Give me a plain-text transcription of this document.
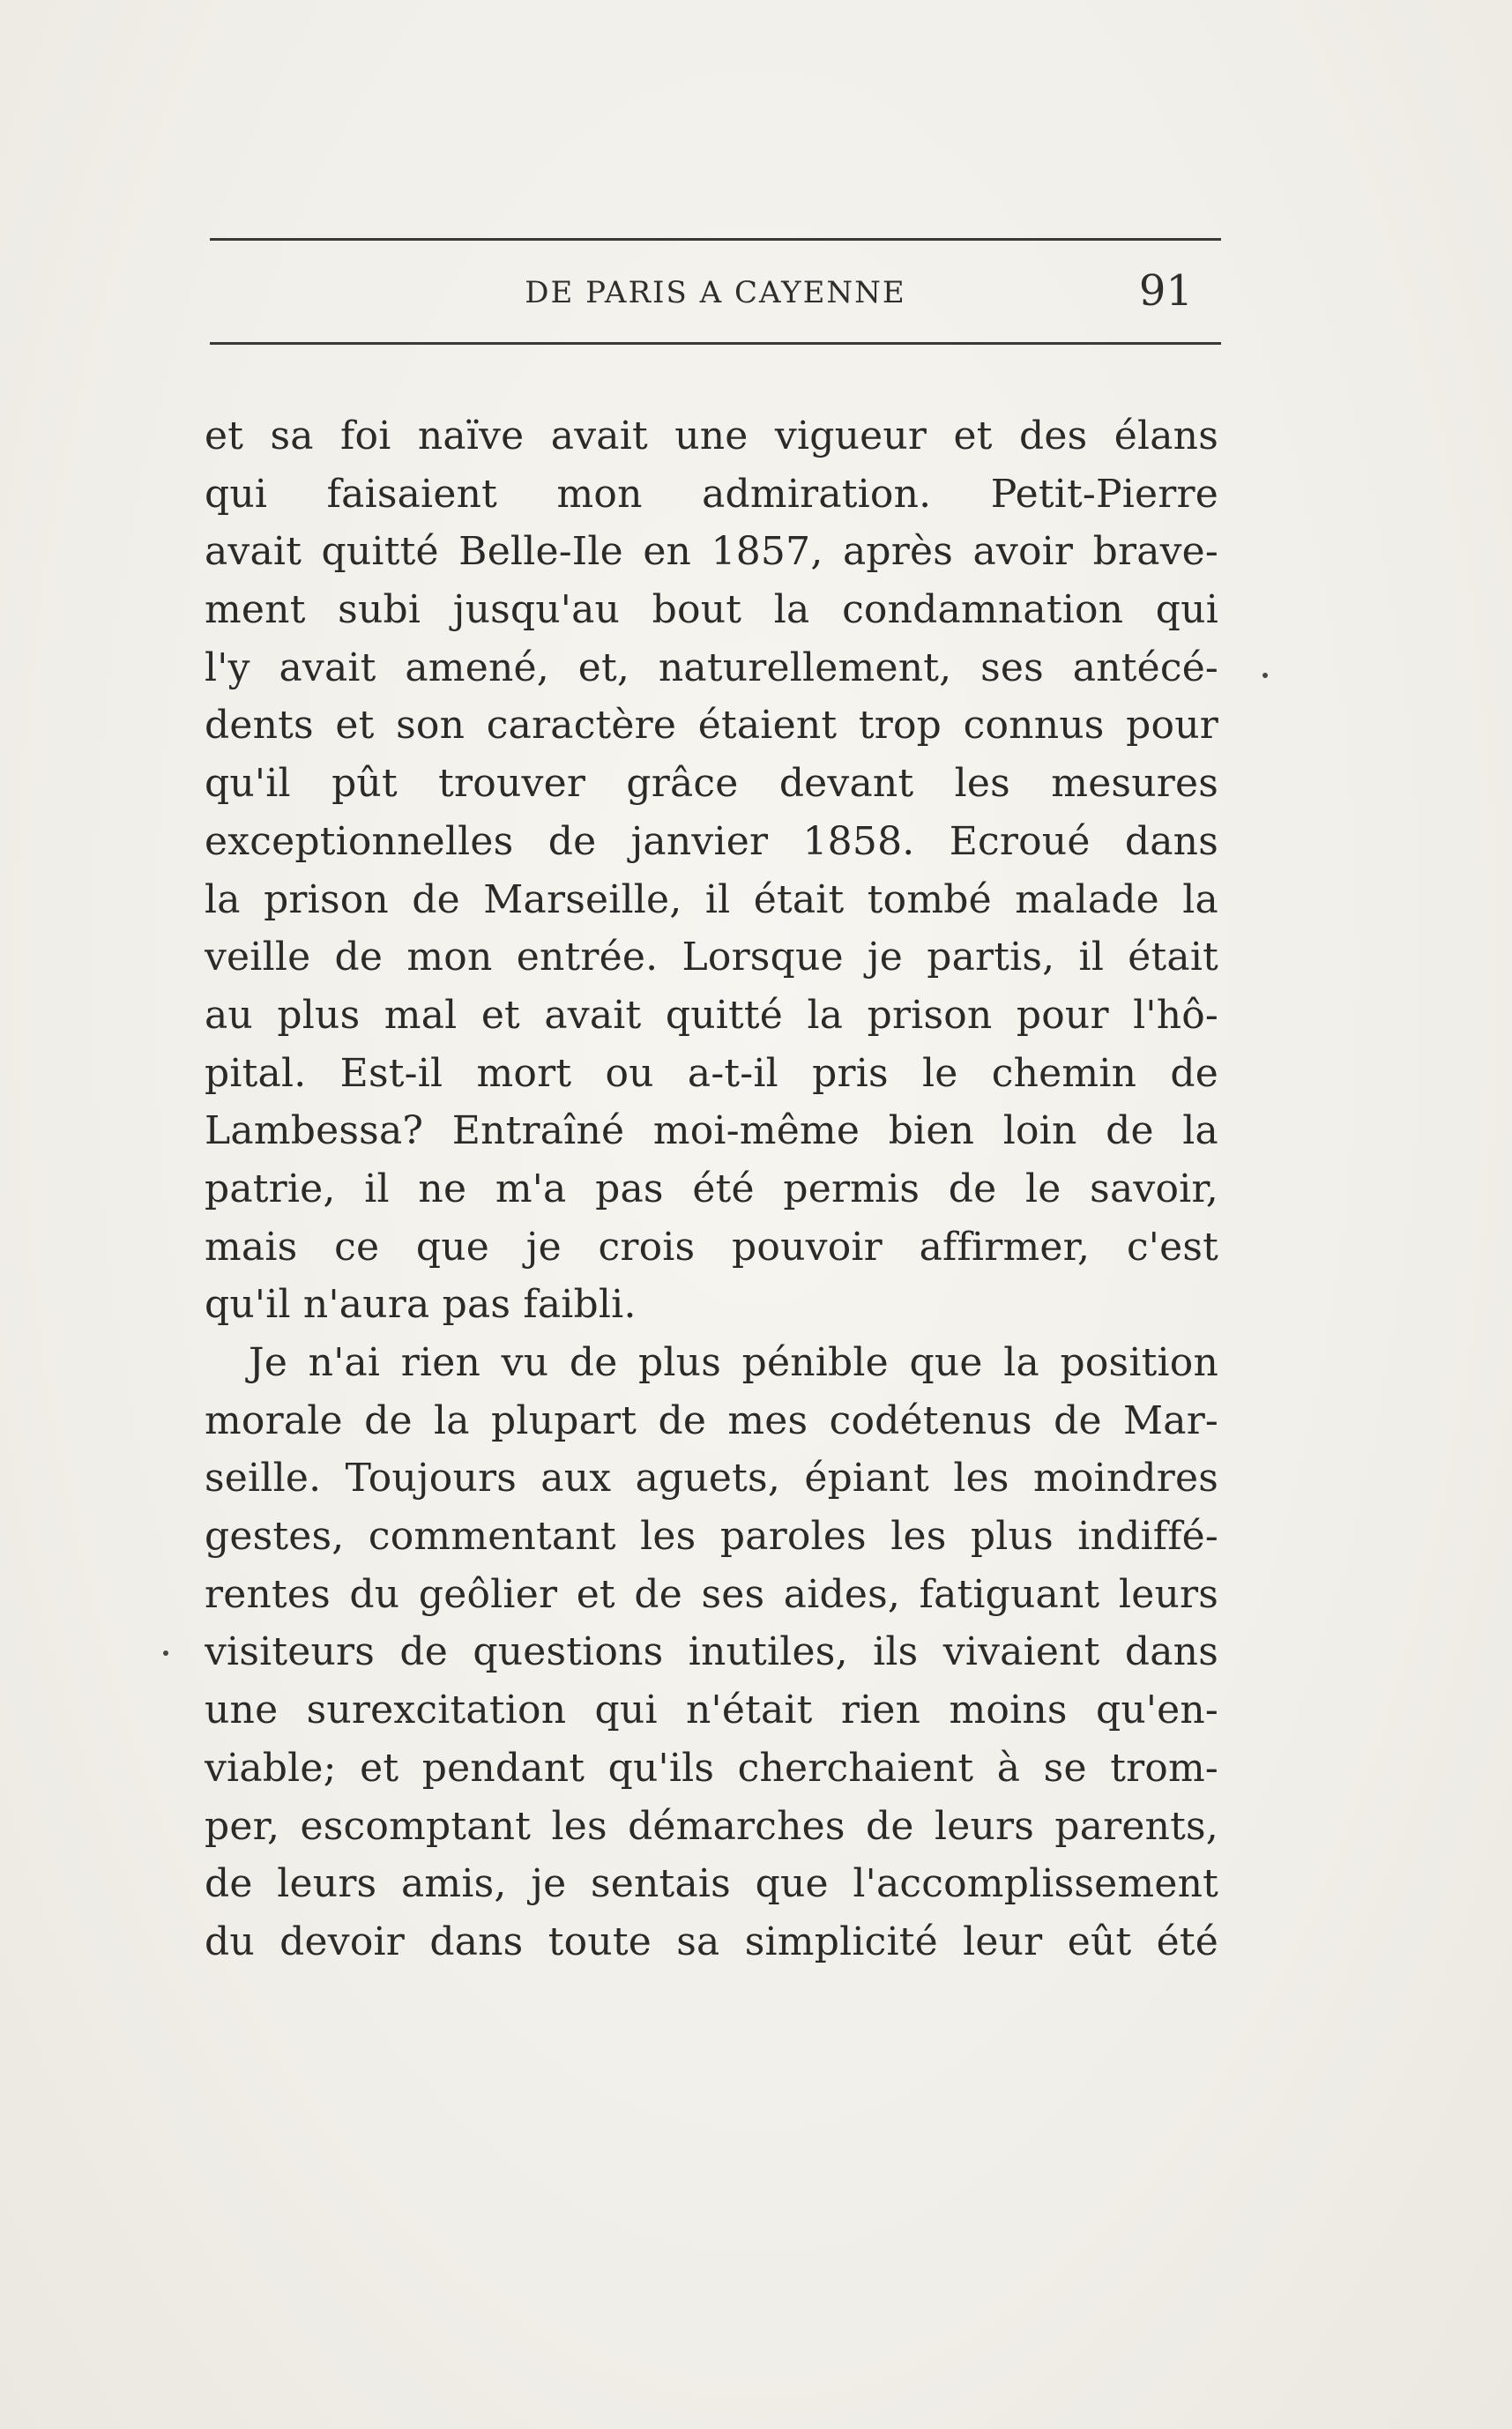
DE PARIS A CAYENNE	91
et sa foi naïve avait une vigueur et des élans
qui faisaient mon admiration. Petit-Pierre
avait quitté Belle-Ile en 1857, après avoir brave-
ment subi jusqu'au bout la condamnation qui
l'y avait amené, et, naturellement, ses antécé-
dents et son caractère étaient trop connus pour
qu'il pût trouver grâce devant les mesures
exceptionnelles de janvier 1858. Ecroué dans
la prison de Marseille, il était tombé malade la
veille de mon entrée. Lorsque je partis, il était
au plus mal et avait quitté la prison pour l'hô-
pital. Est-il mort ou a-t-il pris le chemin de
Lambessa? Entraîné moi-même bien loin de la
patrie, il ne m'a pas été permis de le savoir,
mais ce que je crois pouvoir affirmer, c'est
qu'il n'aura pas faibli.
Je n'ai rien vu de plus pénible que la position
morale de la plupart de mes codétenus de Mar-
seille. Toujours aux aguets, épiant les moindres
gestes, commentant les paroles les plus indiffé-
rentes du geôlier et de ses aides, fatiguant leurs
visiteurs de questions inutiles, ils vivaient dans
une surexcitation qui n'était rien moins qu'en-
viable; et pendant qu'ils cherchaient à se trom-
per, escomptant les démarches de leurs parents,
de leurs amis, je sentais que l'accomplissement
du devoir dans toute sa simplicité leur eût été
